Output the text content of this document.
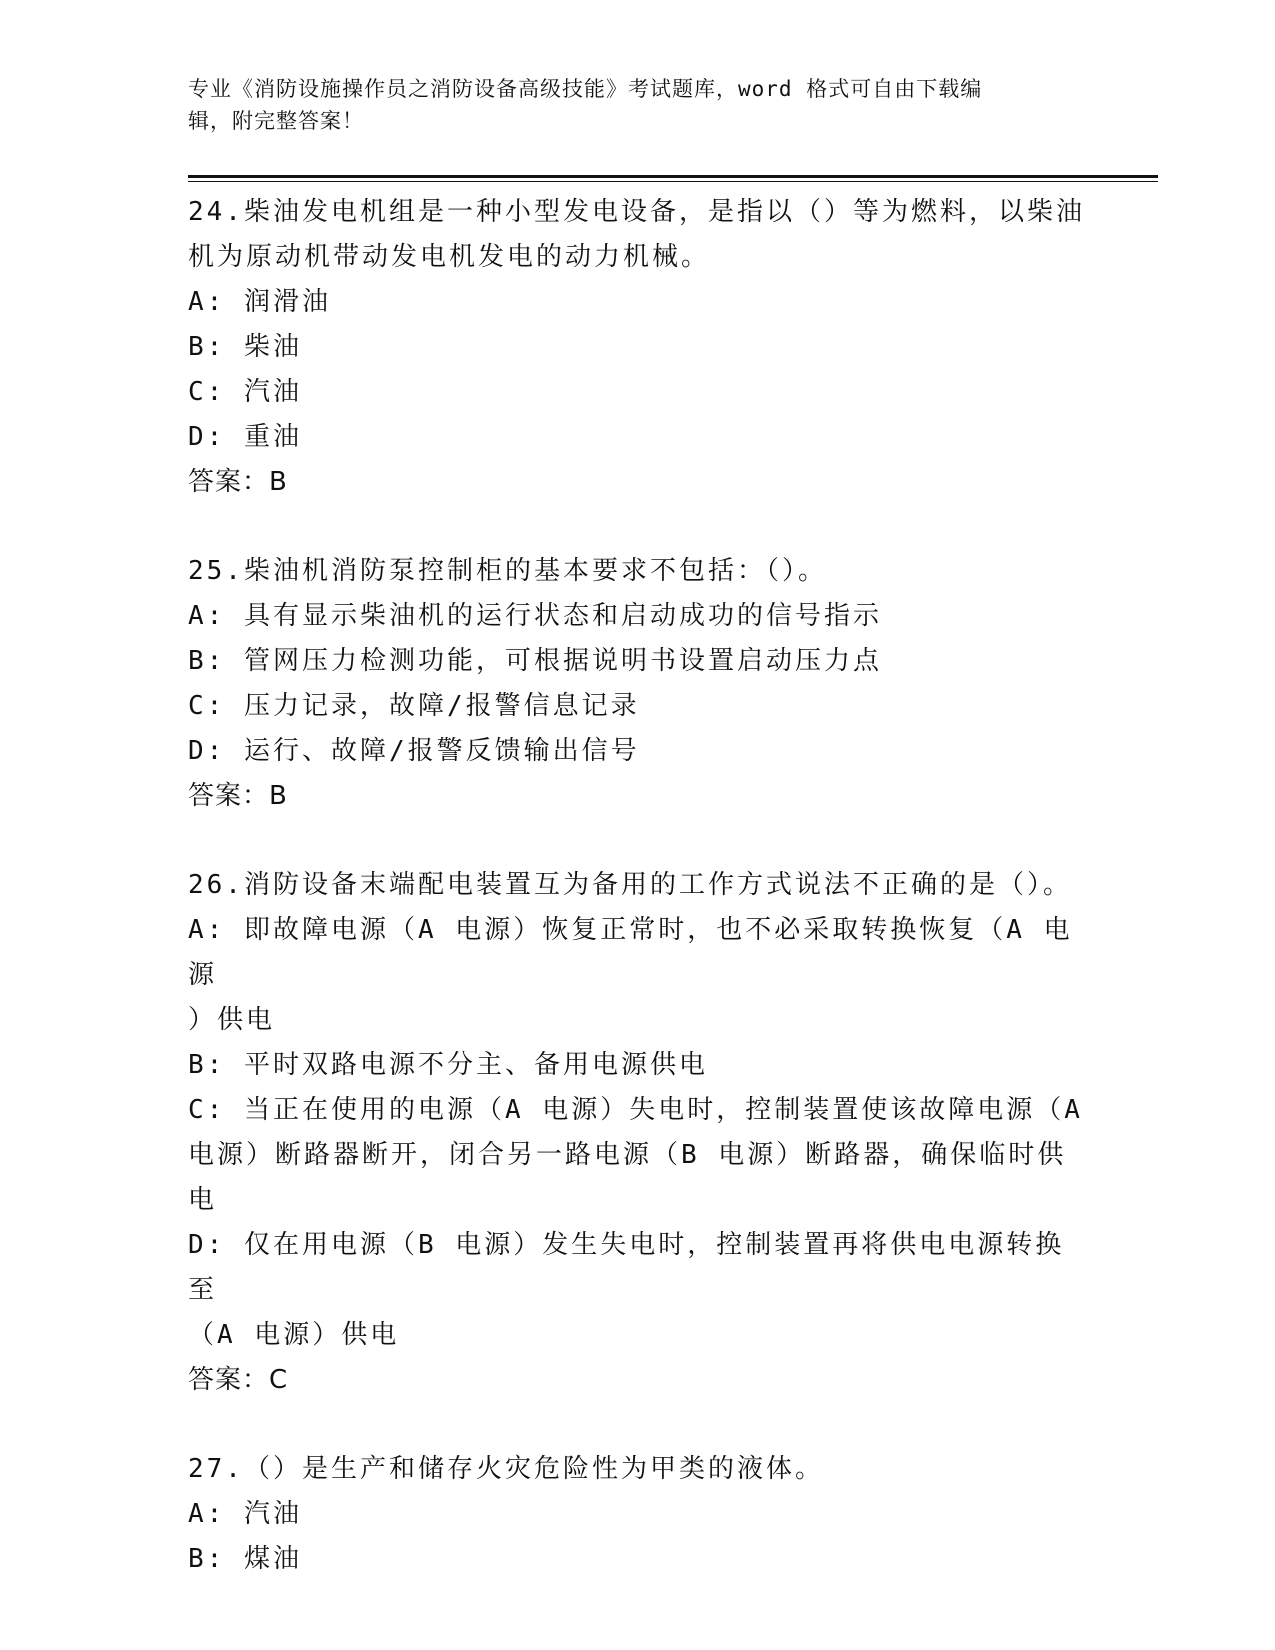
专业《消防设施操作员之消防设备高级技能》考试题库，word 格式可自由下载编
辑，附完整答案！
24.柴油发电机组是一种小型发电设备，是指以（）等为燃料，以柴油
机为原动机带动发电机发电的动力机械。
A: 润滑油
B: 柴油
C: 汽油
D: 重油
答案：B
25.柴油机消防泵控制柜的基本要求不包括：（）。
A: 具有显示柴油机的运行状态和启动成功的信号指示
B: 管网压力检测功能，可根据说明书设置启动压力点
C: 压力记录，故障/报警信息记录
D: 运行、故障/报警反馈输出信号
答案：B
26.消防设备末端配电装置互为备用的工作方式说法不正确的是（）。
A: 即故障电源（A 电源）恢复正常时，也不必采取转换恢复（A 电源
）供电
B: 平时双路电源不分主、备用电源供电
C: 当正在使用的电源（A 电源）失电时，控制装置使该故障电源（A
电源）断路器断开，闭合另一路电源（B 电源）断路器，确保临时供电
D: 仅在用电源（B 电源）发生失电时，控制装置再将供电电源转换至
（A 电源）供电
答案：C
27.（）是生产和储存火灾危险性为甲类的液体。
A: 汽油
B: 煤油
